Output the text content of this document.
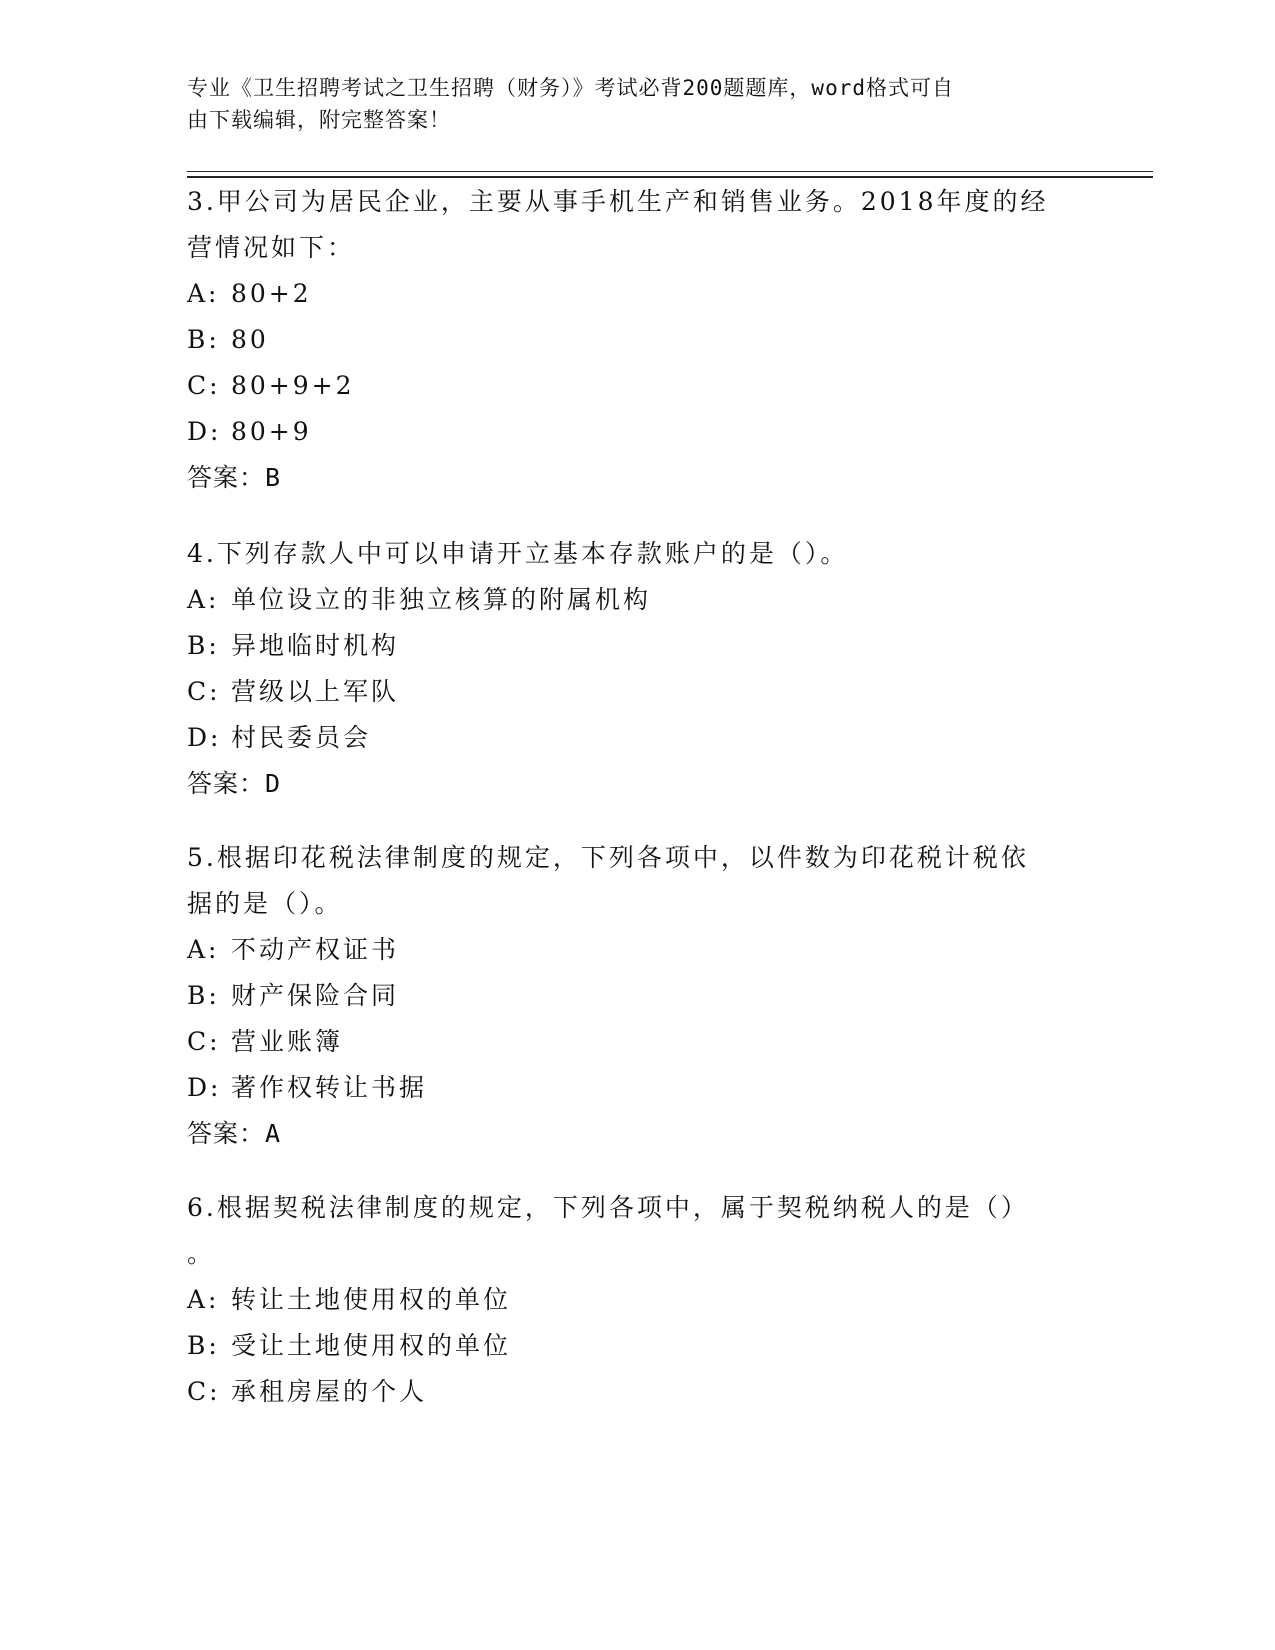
专业《卫生招聘考试之卫生招聘（财务）》考试必背200题题库，word格式可自
由下载编辑，附完整答案！
3.甲公司为居民企业，主要从事手机生产和销售业务。2018年度的经
营情况如下：
A: 80+2
B: 80
C: 80+9+2
D: 80+9
答案：B
4.下列存款人中可以申请开立基本存款账户的是（）。
A: 单位设立的非独立核算的附属机构
B: 异地临时机构
C: 营级以上军队
D: 村民委员会
答案：D
5.根据印花税法律制度的规定，下列各项中，以件数为印花税计税依
据的是（）。
A: 不动产权证书
B: 财产保险合同
C: 营业账簿
D: 著作权转让书据
答案：A
6.根据契税法律制度的规定，下列各项中，属于契税纳税人的是（）
。
A: 转让土地使用权的单位
B: 受让土地使用权的单位
C: 承租房屋的个人
